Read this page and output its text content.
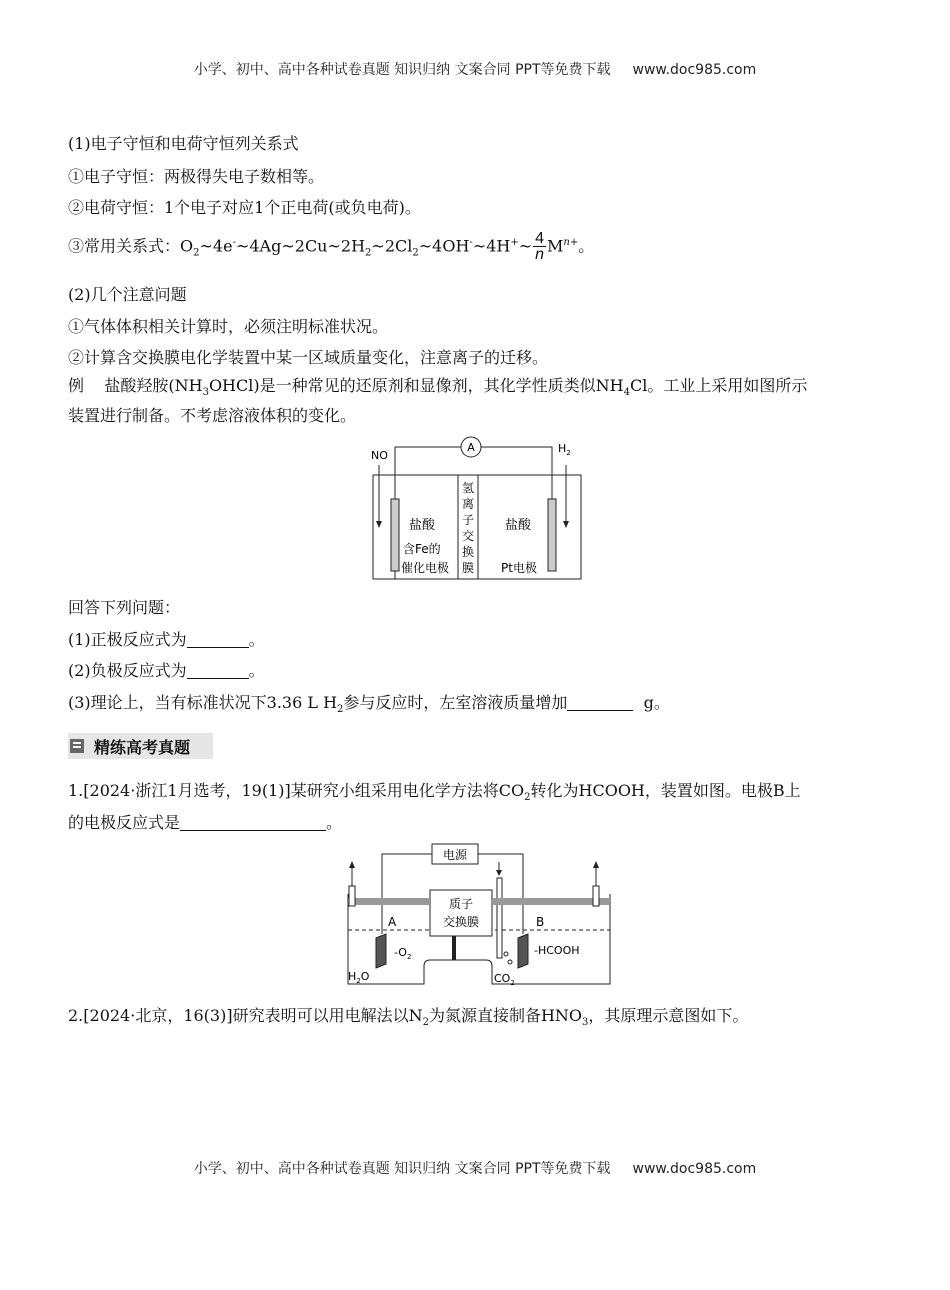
小学、初中、高中各种试卷真题 知识归纳 文案合同 PPT等免费下载 www.doc985.com
(1)电子守恒和电荷守恒列关系式
①电子守恒：两极得失电子数相等。
②电荷守恒：1个电子对应1个正电荷(或负电荷)。
③常用关系式：$O_2\sim 4e^-\sim 4Ag\sim 2Cu\sim 2H_2\sim 2Cl_2\sim 4OH^-\sim 4H^+\sim \frac{4}{n} M^{n+}$。
(2)几个注意问题
①气体体积相关计算时，必须注明标准状况。
②计算含交换膜电化学装置中某一区域质量变化，注意离子的迁移。
例 盐酸羟胺$(NH_3OHCl)$是一种常见的还原剂和显像剂，其化学性质类似$NH_4Cl$。工业上采用如图所示
装置进行制备。不考虑溶液体积的变化。
A
NO
$H_2$
盐酸
含Fe的
催化电极
氢
离
子
交
换
膜
盐酸
Pt电极
回答下列问题：
(1)正极反应式为	。
(2)负极反应式为	。
(3)理论上，当有标准状况下3.36 L $H_2$参与反应时，左室溶液质量增加	g。
精练高考真题
1.[2024·浙江1月选考，19(1)]某研究小组采用电化学方法将$CO_2$转化为HCOOH，装置如图。电极B上
的电极反应式是	。
电源
质子
交换膜
A	B
$-O_2$
$H_2O$	$CO_2$
-HCOOH
2.[2024·北京，16(3)]研究表明可以用电解法以$N_2$为氮源直接制备$HNO_3$，其原理示意图如下。
小学、初中、高中各种试卷真题 知识归纳 文案合同 PPT等免费下载 www.doc985.com
